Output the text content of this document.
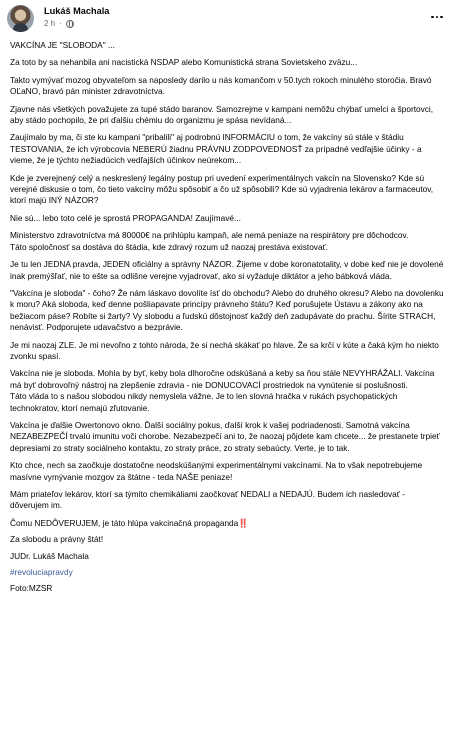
Lukáš Machala
2 h ·

VAKCÍNA JE "SLOBODA" ...

Za toto by sa nehanbila ani nacistická NSDAP alebo Komunistická strana Sovietskeho zväzu...

Takto vymývať mozog obyvateľom sa naposledy darilo u nás komančom v 50.tych rokoch minulého storočia. Bravó OĽaNO, bravó pán minister zdravotníctva.

Zjavne nás všetkých považujete za tupé stádo baranov. Samozrejme v kampani nemôžu chýbať umelci a športovci, aby stádo pochopilo, že pri ďalšiu chémiu do organizmu je spása nevídaná...

Zaujímalo by ma, či ste ku kampani "pribalili" aj podrobnú INFORMÁCIU o tom, že vakcíny sú stále v štádiu TESTOVANIA, že ich výrobcovia NEBERÚ žiadnu PRÁVNU ZODPOVEDNOSŤ za prípadné vedľajšie účinky - a vieme, že je týchto nežiadúcich vedľajších účinkov neúrekom...

Kde je zverejnený celý a neskreslený legálny postup pri uvedení experimentálnych vakcín na Slovensko? Kde sú verejné diskusie o tom, čo tieto vakcíny môžu spôsobiť a čo už spôsobili? Kde sú vyjadrenia lekárov a farmaceutov, ktorí majú INÝ NÁZOR?

Nie sú... lebo toto celé je sprostá PROPAGANDA! Zaujímavé...

Ministerstvo zdravotníctva má 80000€ na prihlúplu kampaň, ale nemá peniaze na respirátory pre dôchodcov.
Táto spoločnosť sa dostáva do štádia, kde zdravý rozum už naozaj prestáva existovať.

Je tu len JEDNA pravda, JEDEN oficiálny a správny NÁZOR. Žijeme v dobe koronatotality, v dobe keď nie je dovolené inak premýšľať, nie to ešte sa odlišne verejne vyjadrovať, ako si vyžaduje diktátor a jeho bábková vláda.

"Vakcína je sloboda" - čoho? Že nám láskavo dovolíte ísť do obchodu? Alebo do druhého okresu? Alebo na dovolenku k moru? Aká sloboda, keď denne pošliapavate princípy právneho štátu? Keď porušujete Ústavu a zákony ako na bežiacom páse? Robíte si žarty? Vy slobodu a ľudskú dôstojnosť každý deň zadupávate do prachu. Šírite STRACH, nenávisť. Podporujete udavačstvo a bezprávie.

Je mi naozaj ZLE. Je mi nevoľno z tohto národa, že si nechá skákať po hlave. Že sa krčí v kúte a čaká kým ho niekto zvonku spasí.

Vakcína nie je sloboda. Mohla by byť, keby bola dlhoročne odskúšaná a keby sa ňou stále NEVYHRÁŽALI. Vakcína má byť dobrovoľný nástroj na zlepšenie zdravia - nie DONUCOVACÍ prostriedok na vynútenie si poslušnosti.
Táto vláda to s našou slobodou nikdy nemyslela vážne. Je to len slovná hračka v rukách psychopatických technokratov, ktorí nemajú zľutovanie.

Vakcína je ďalšie Owertonovo okno. Ďalší sociálny pokus, ďalší krok k vašej podriadenosti. Samotná vakcína NEZABEZPEČÍ trvalú imunitu voči chorobe. Nezabezpečí ani to, že naozaj pôjdete kam chcete... že prestanete trpieť depresiami zo straty sociálneho kontaktu, zo straty práce, zo straty sebaúcty. Verte, je to tak.

Kto chce, nech sa zaočkuje dostatočne neodskúšanými experimentálnymi vakcínami. Na to však nepotrebujeme masívne vymývanie mozgov za štátne - teda NAŠE peniaze!

Mám priateľov lekárov, ktorí sa týmito chemikáliami zaočkovať NEDALI a NEDAJÚ. Budem ich nasledovať - dôverujem im.

Čomu NEDÔVERUJEM, je táto hlúpa vakcinačná propaganda‼️

Za slobodu a právny štát!

JUDr. Lukáš Machala

#revoluciapravdy

Foto:MZSR
